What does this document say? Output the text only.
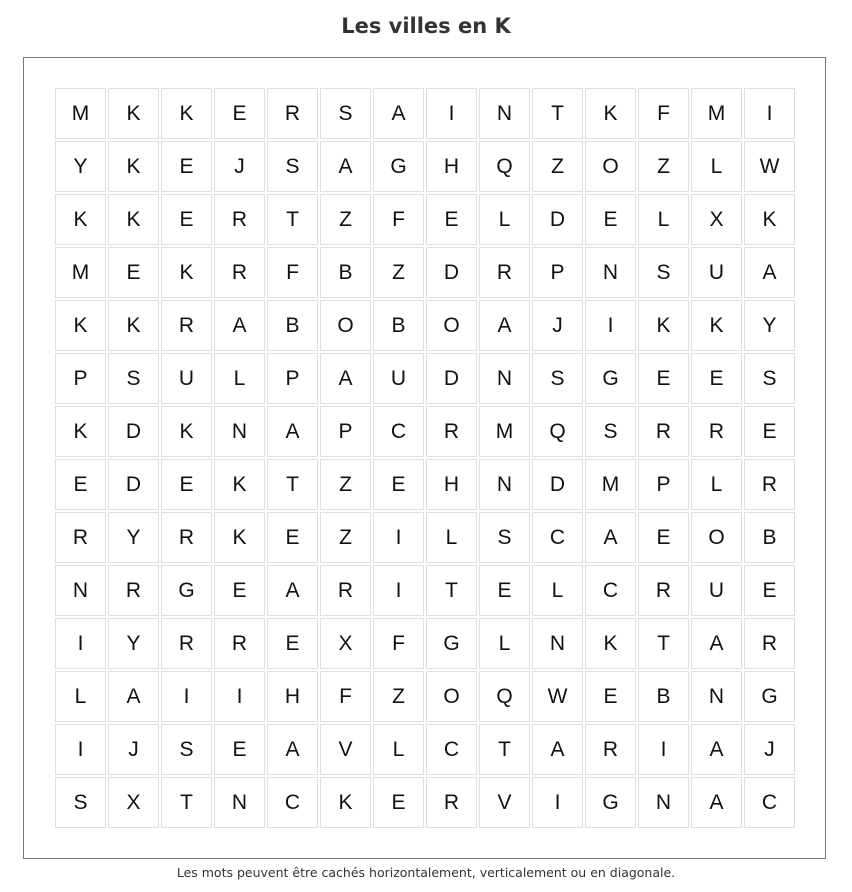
Les villes en K
M	K	K	E	R	S	A	I	N	T	K	F	M	I
Y	K	E	J	S	A	G	H	Q	Z	O	Z	L	W
K	K	E	R	T	Z	F	E	L	D	E	L	X	K
M	E	K	R	F	B	Z	D	R	P	N	S	U	A
K	K	R	A	B	O	B	O	A	J	I	K	K	Y
P	S	U	L	P	A	U	D	N	S	G	E	E	S
K	D	K	N	A	P	C	R	M	Q	S	R	R	E
E	D	E	K	T	Z	E	H	N	D	M	P	L	R
R	Y	R	K	E	Z	I	L	S	C	A	E	O	B
N	R	G	E	A	R	I	T	E	L	C	R	U	E
I	Y	R	R	E	X	F	G	L	N	K	T	A	R
L	A	I	I	H	F	Z	O	Q	W	E	B	N	G
I	J	S	E	A	V	L	C	T	A	R	I	A	J
S	X	T	N	C	K	E	R	V	I	G	N	A	C
Les mots peuvent être cachés horizontalement, verticalement ou en diagonale.
